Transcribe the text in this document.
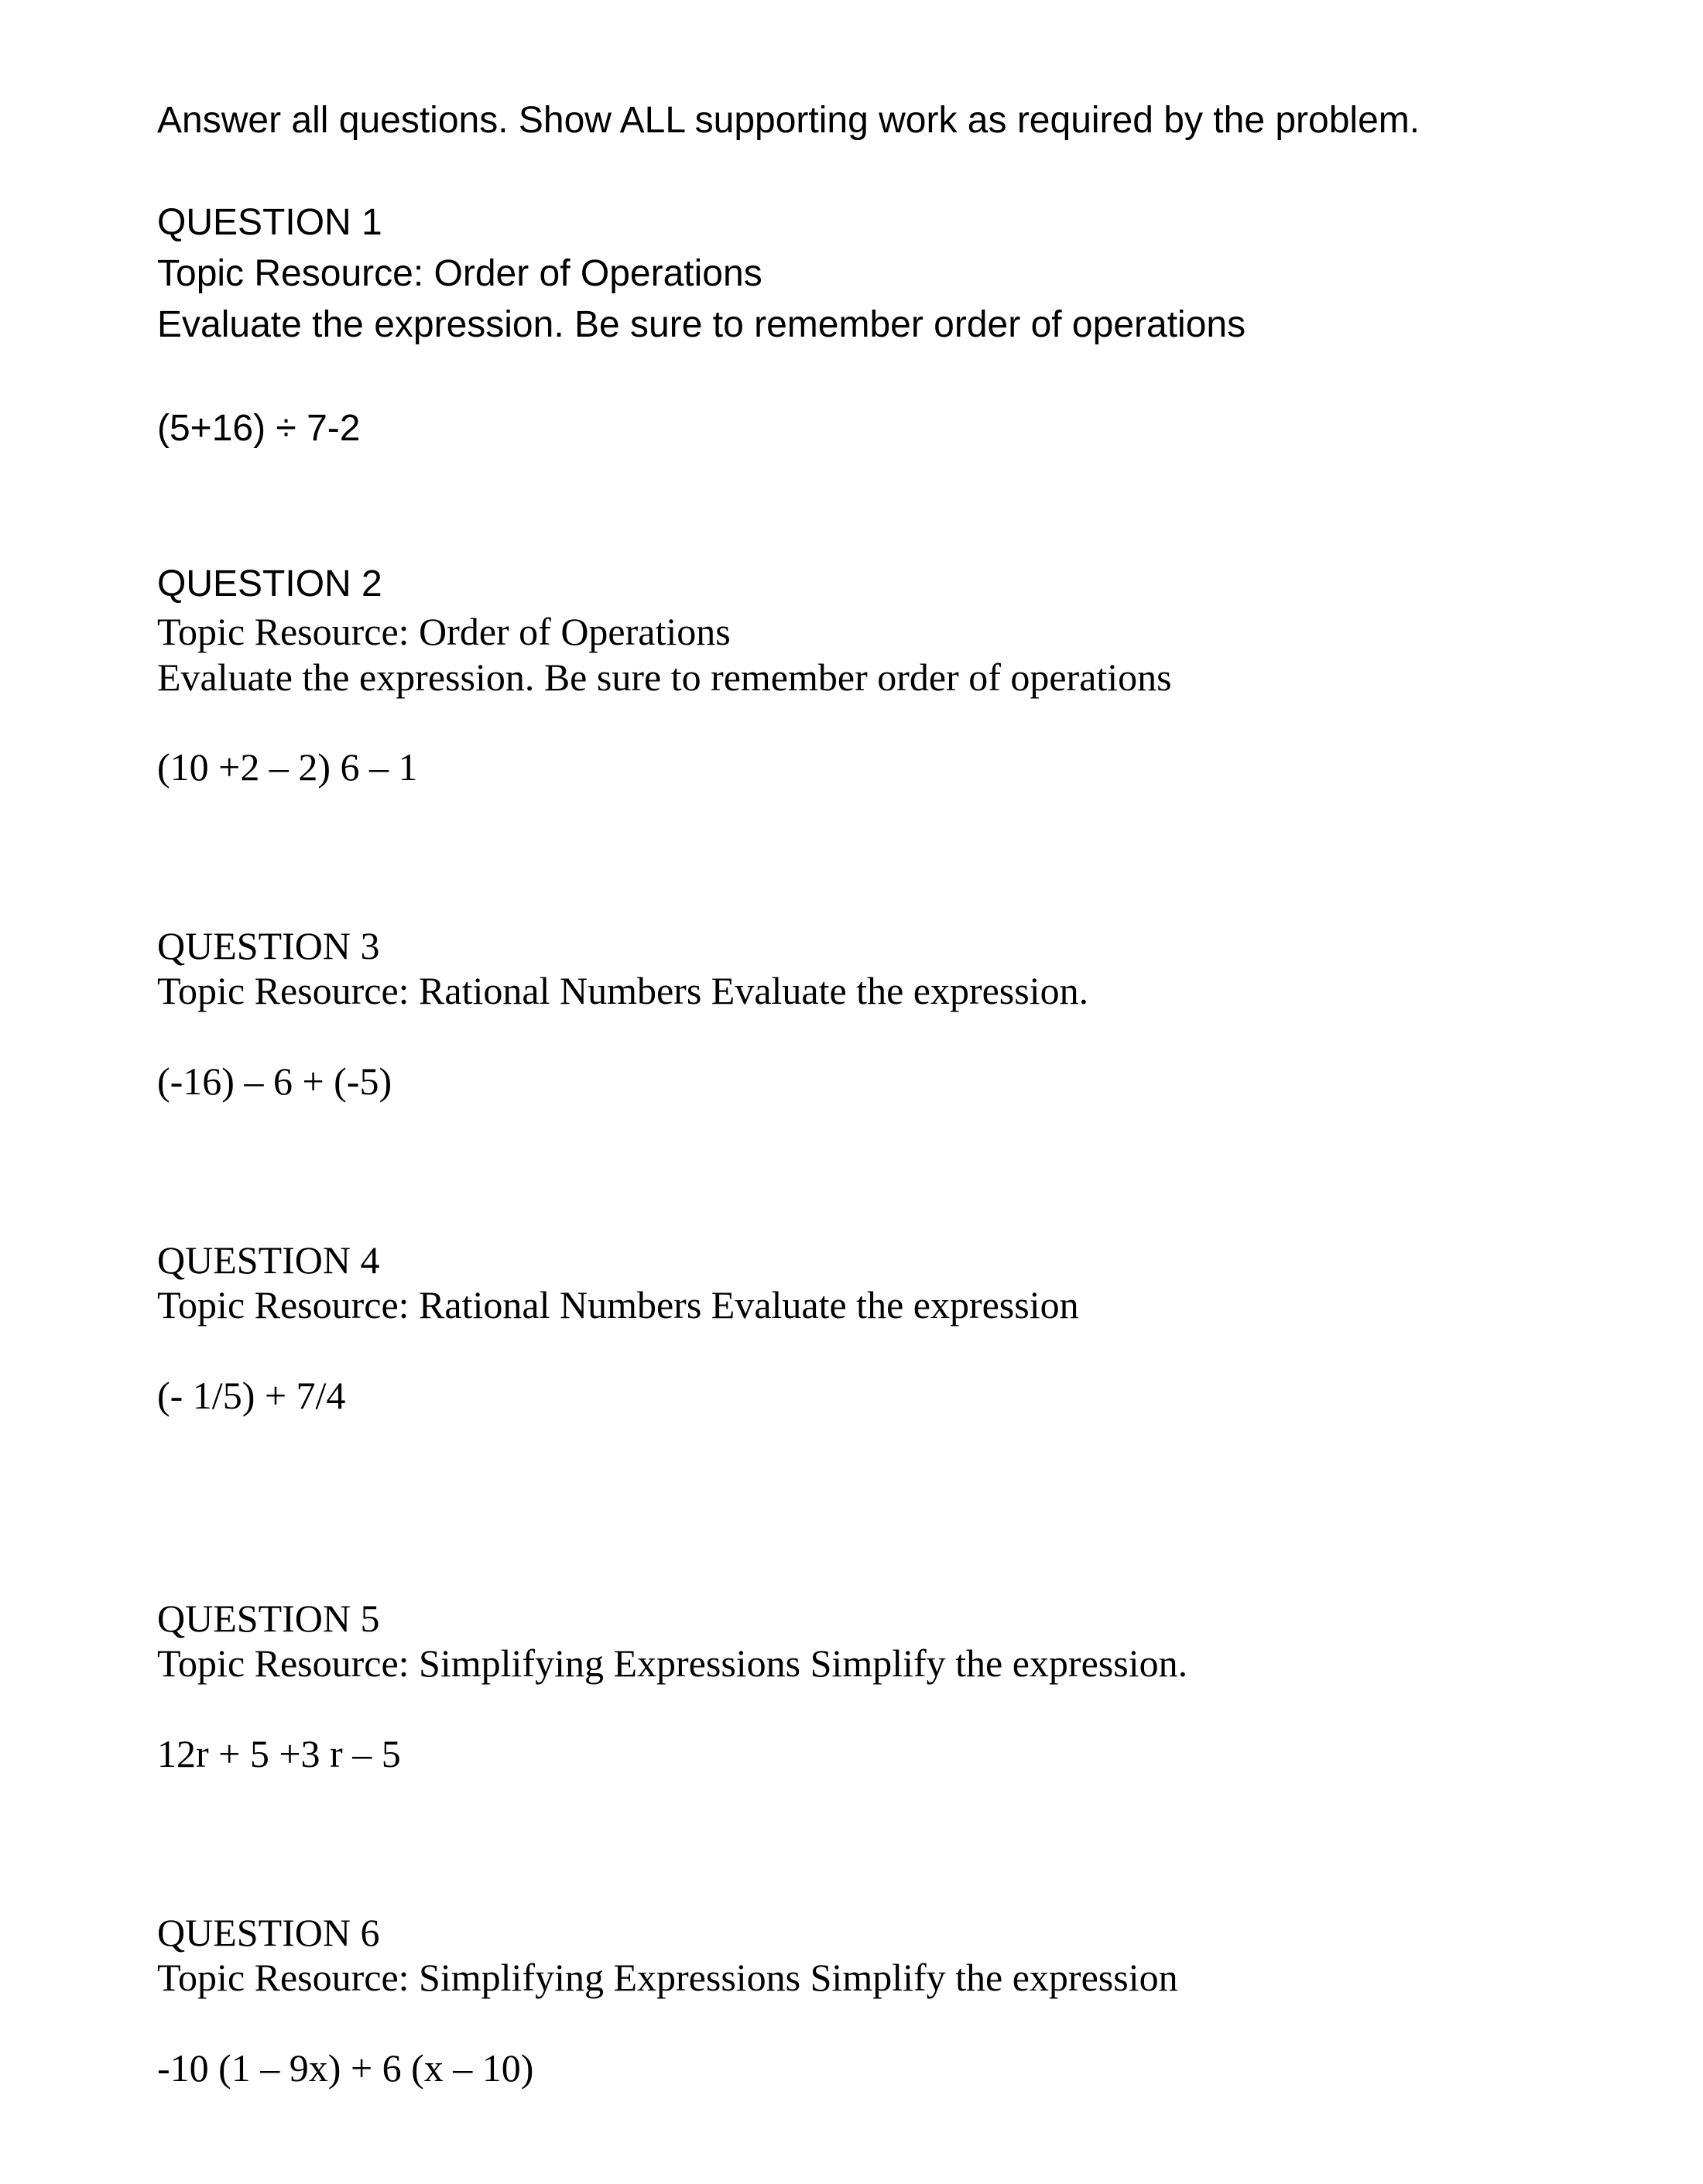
Answer all questions. Show ALL supporting work as required by the problem.

QUESTION 1

Topic Resource: Order of Operations

Evaluate the expression. Be sure to remember order of operations

(5+16) ÷ 7-2

QUESTION 2

Topic Resource: Order of Operations

Evaluate the expression. Be sure to remember order of operations

(10 +2 – 2) 6 – 1

QUESTION 3

Topic Resource: Rational Numbers Evaluate the expression.

(-16) – 6 + (-5)

QUESTION 4

Topic Resource: Rational Numbers Evaluate the expression

(- 1/5) + 7/4

QUESTION 5

Topic Resource: Simplifying Expressions Simplify the expression.

12r + 5 +3 r – 5

QUESTION 6

Topic Resource: Simplifying Expressions Simplify the expression

-10 (1 – 9x) + 6 (x – 10)
